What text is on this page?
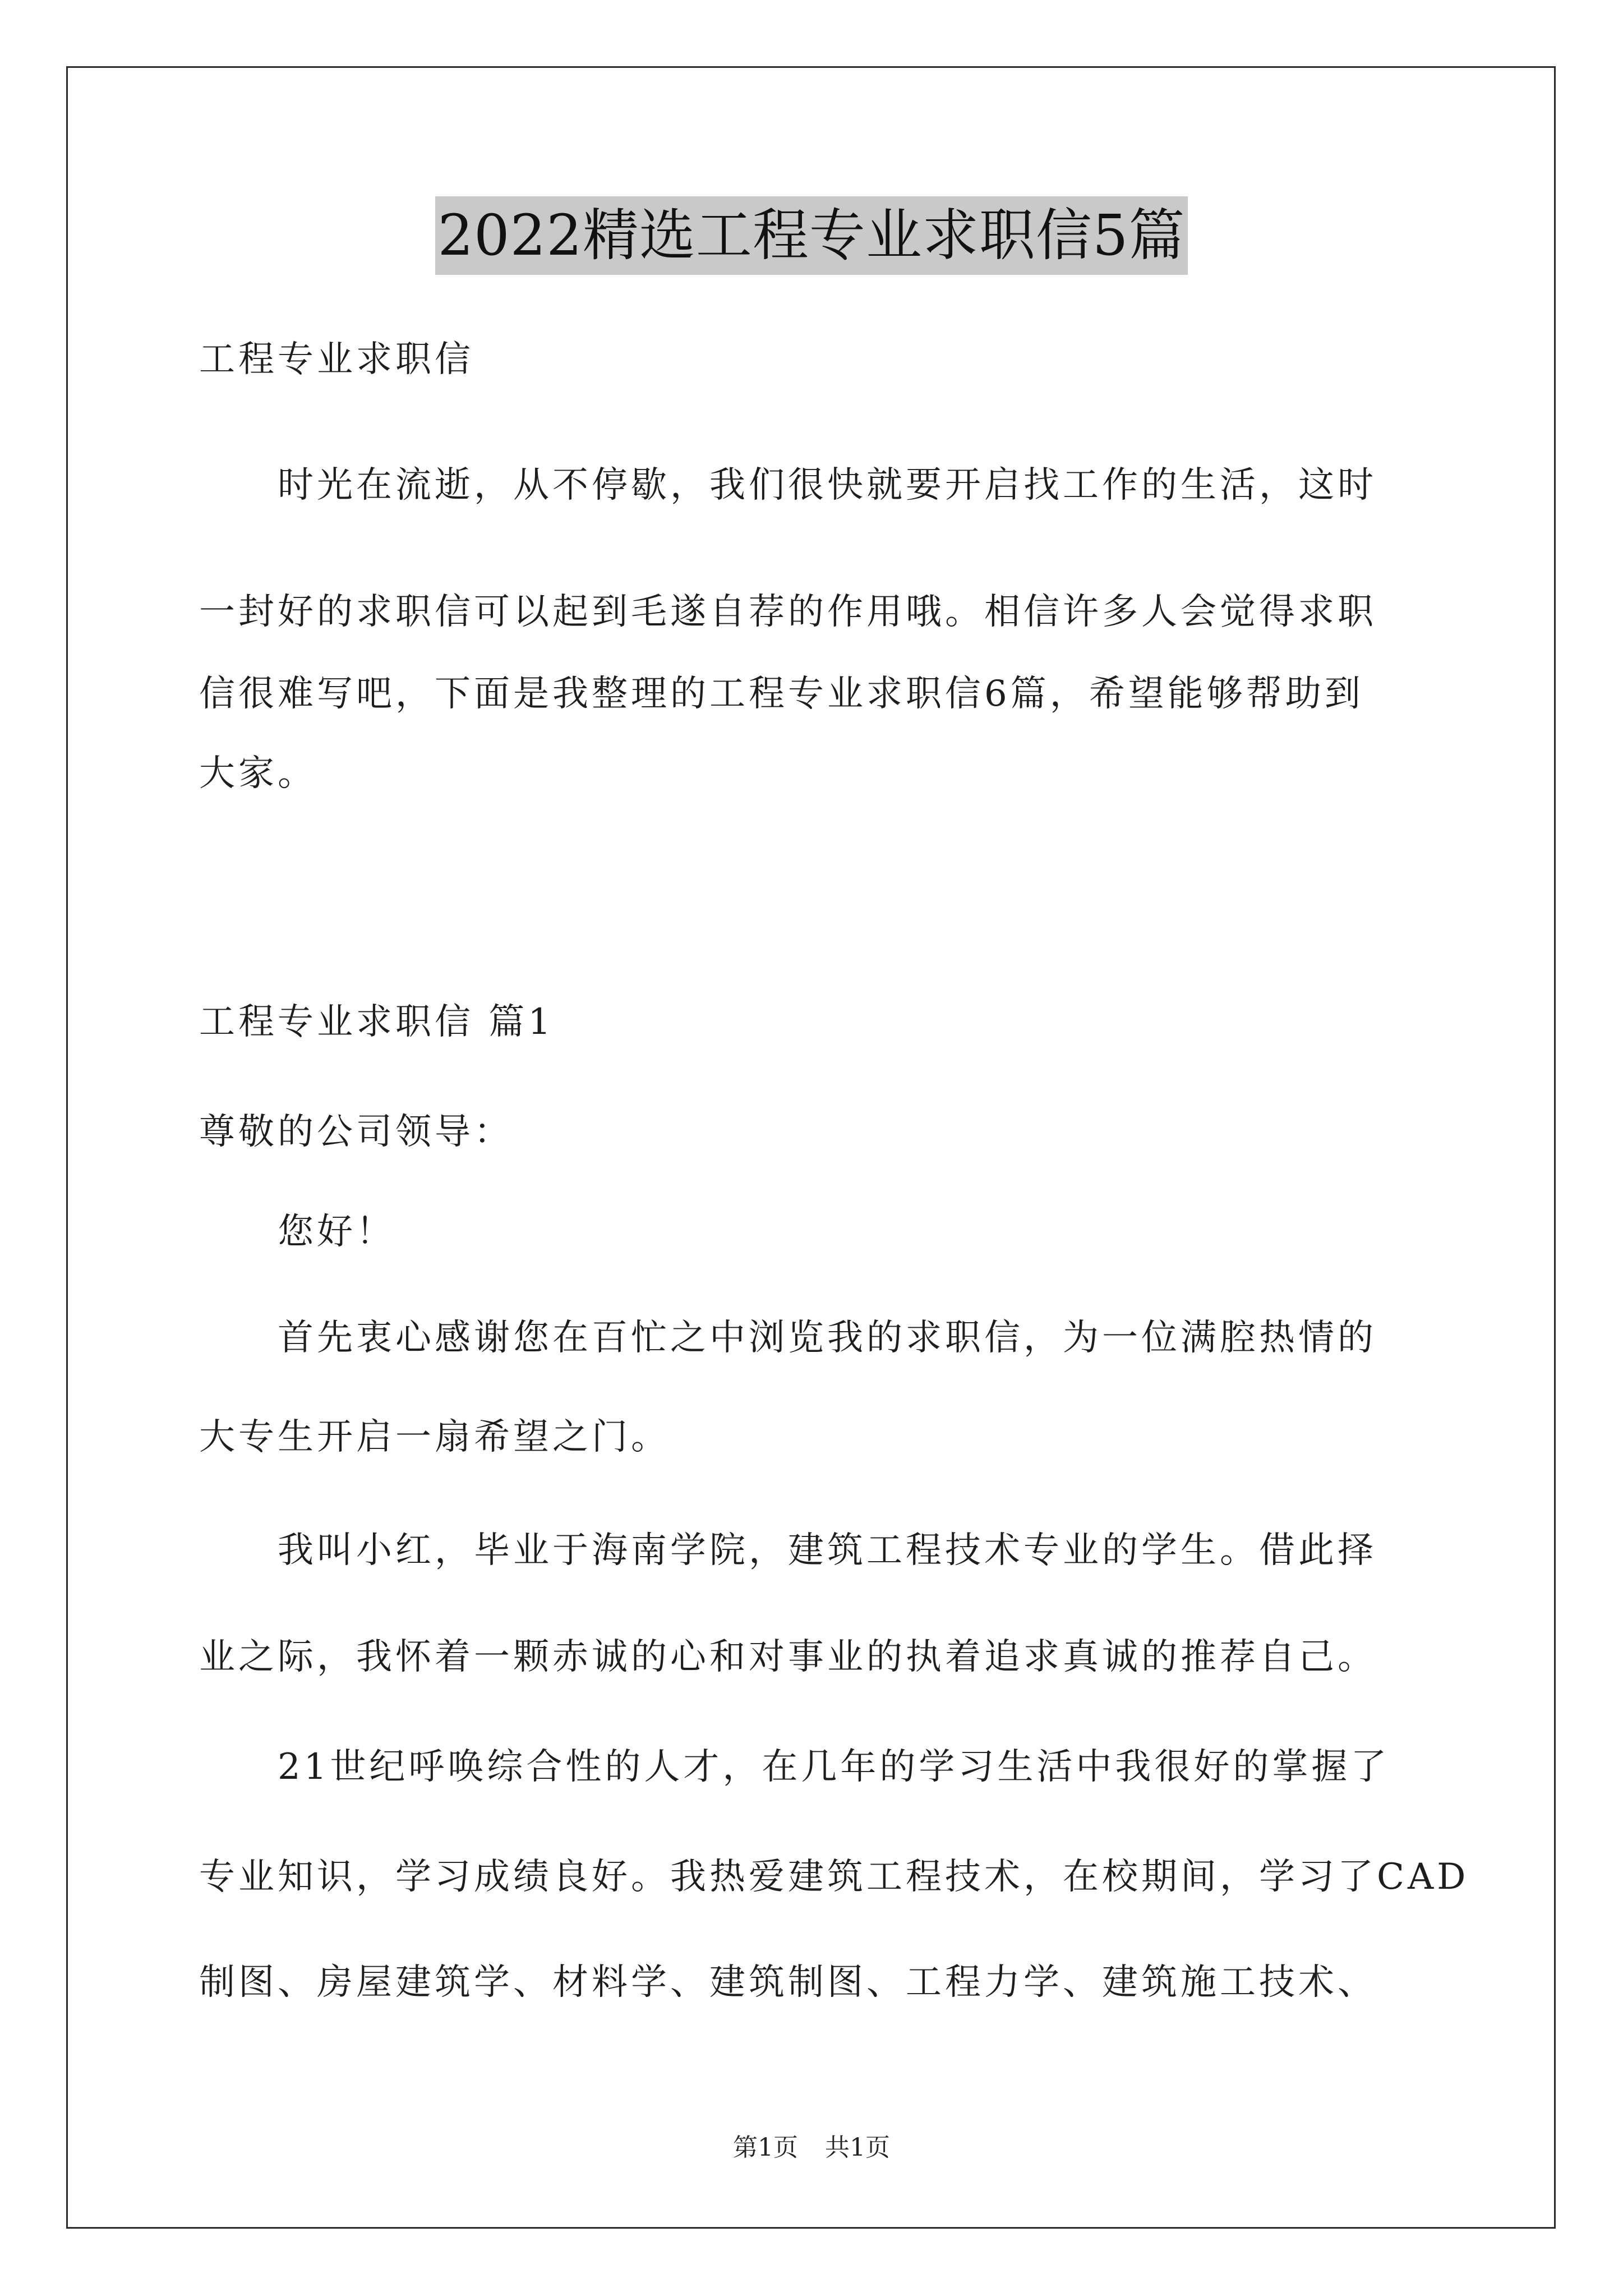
2022精选工程专业求职信5篇
工程专业求职信
时光在流逝，从不停歇，我们很快就要开启找工作的生活，这时
一封好的求职信可以起到毛遂自荐的作用哦。相信许多人会觉得求职
信很难写吧，下面是我整理的工程专业求职信6篇，希望能够帮助到
大家。
工程专业求职信 篇1
尊敬的公司领导：
您好！
首先衷心感谢您在百忙之中浏览我的求职信，为一位满腔热情的
大专生开启一扇希望之门。
我叫小红，毕业于海南学院，建筑工程技术专业的学生。借此择
业之际，我怀着一颗赤诚的心和对事业的执着追求真诚的推荐自己。
21世纪呼唤综合性的人才，在几年的学习生活中我很好的掌握了
专业知识，学习成绩良好。我热爱建筑工程技术，在校期间，学习了CAD
制图、房屋建筑学、材料学、建筑制图、工程力学、建筑施工技术、
第1页 共1页
